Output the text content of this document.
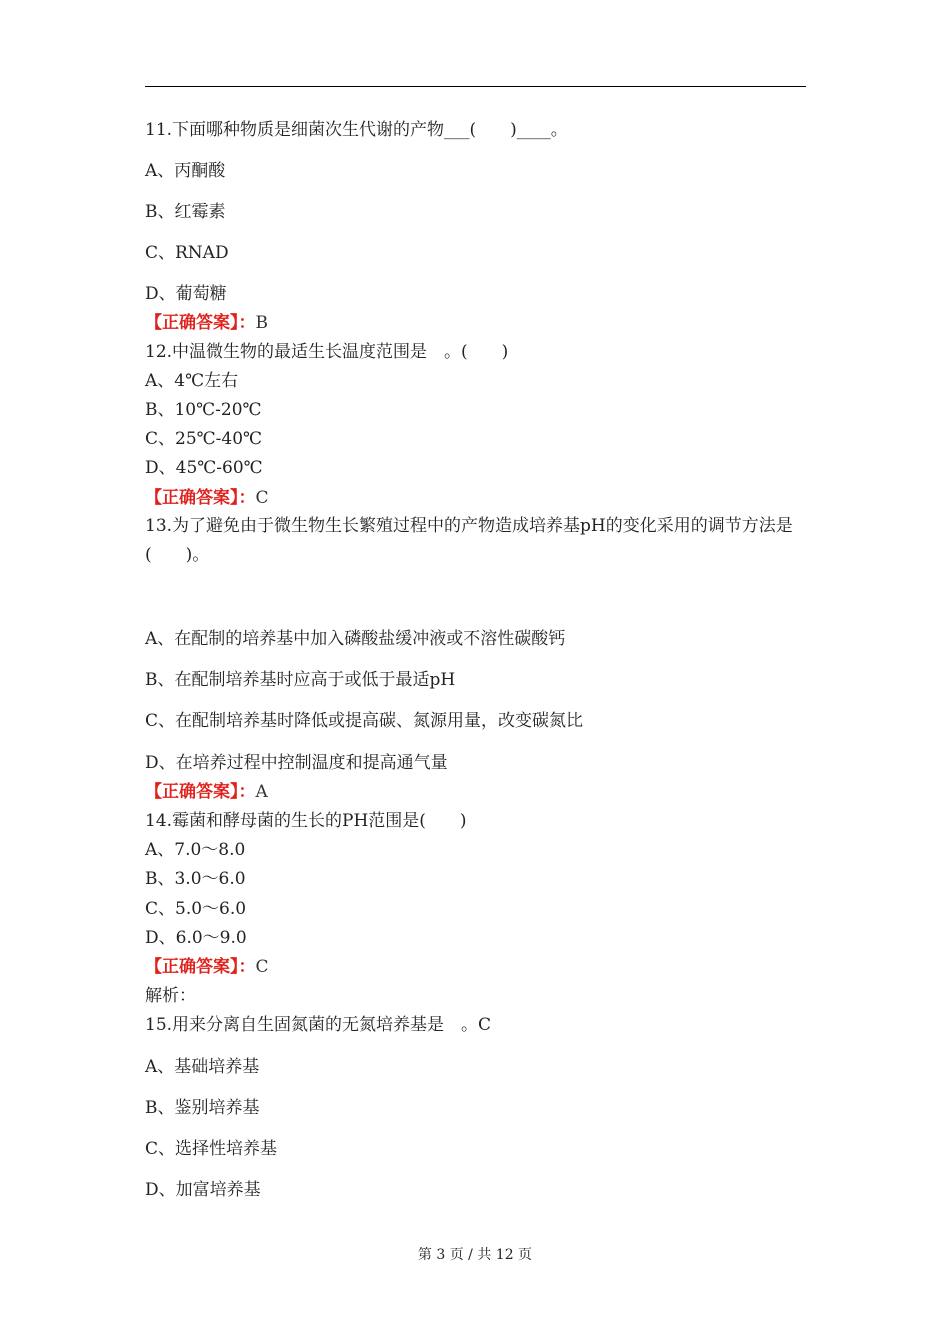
11.下面哪种物质是细菌次生代谢的产物___(　　)____。
A、丙酮酸
B、红霉素
C、RNAD
D、葡萄糖
【正确答案】：B
12.中温微生物的最适生长温度范围是　。(　　)
A、4℃左右
B、10℃-20℃
C、25℃-40℃
D、45℃-60℃
【正确答案】：C
13.为了避免由于微生物生长繁殖过程中的产物造成培养基pH的变化采用的调节方法是(　　)。
A、在配制的培养基中加入磷酸盐缓冲液或不溶性碳酸钙
B、在配制培养基时应高于或低于最适pH
C、在配制培养基时降低或提高碳、氮源用量，改变碳氮比
D、在培养过程中控制温度和提高通气量
【正确答案】：A
14.霉菌和酵母菌的生长的PH范围是(　　)
A、7.0～8.0
B、3.0～6.0
C、5.0～6.0
D、6.0～9.0
【正确答案】：C
解析：
15.用来分离自生固氮菌的无氮培养基是　。C
A、基础培养基
B、鉴别培养基
C、选择性培养基
D、加富培养基
第 3 页 / 共 12 页
